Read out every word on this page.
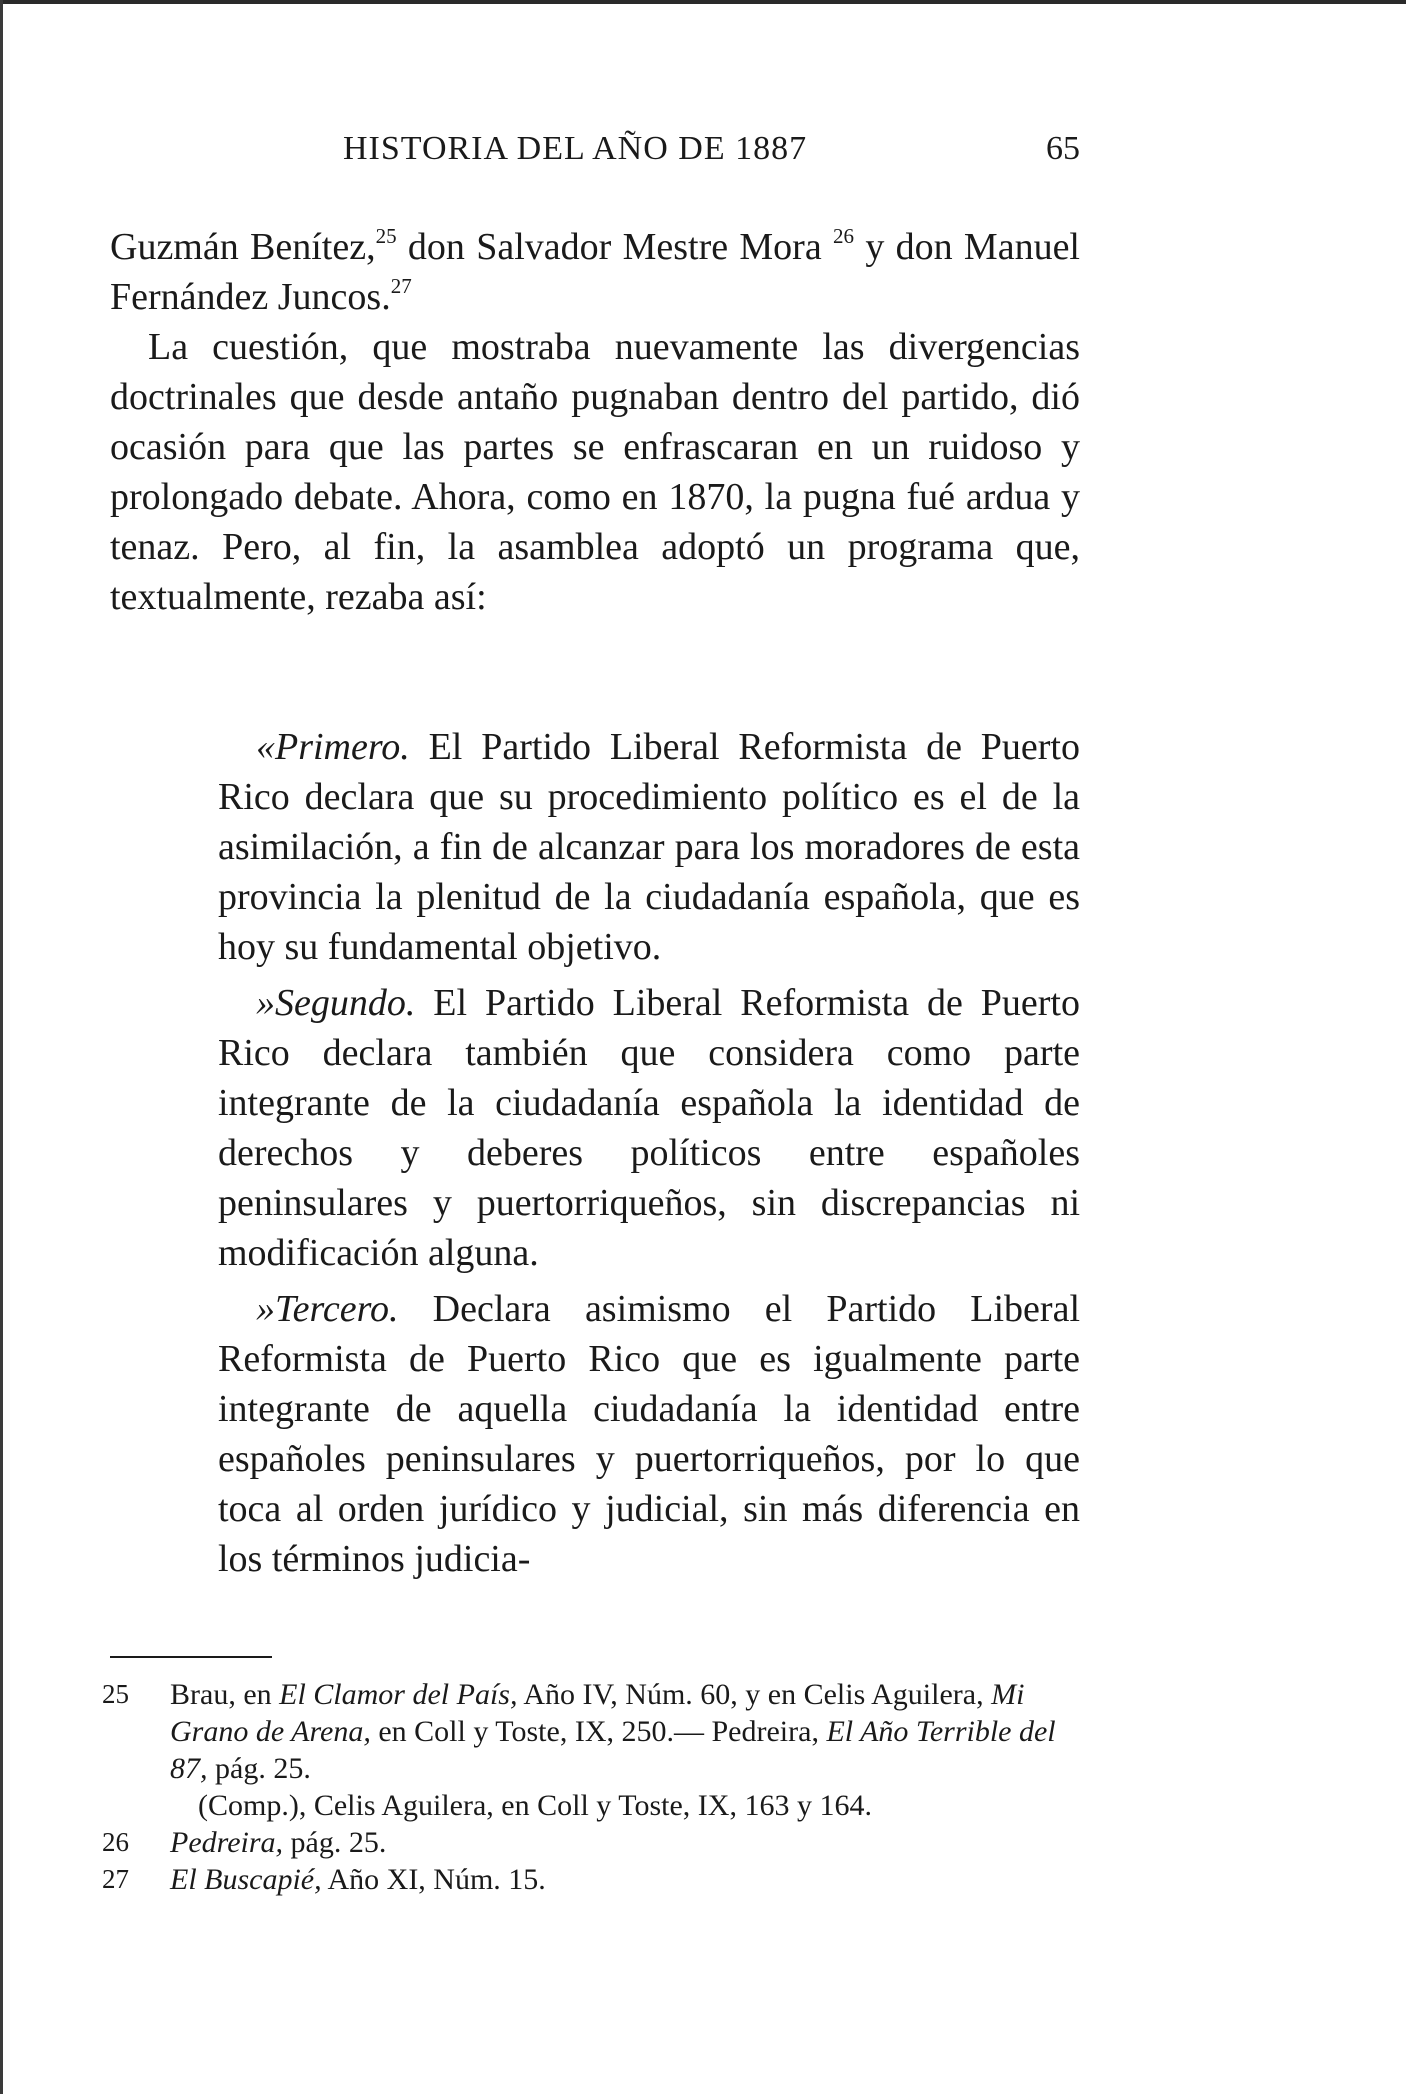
HISTORIA DEL AÑO DE 1887	65

Guzmán Benítez,$^{25}$ don Salvador Mestre Mora $^{26}$ y don Manuel Fernández Juncos.$^{27}$

La cuestión, que mostraba nuevamente las divergencias doctrinales que desde antaño pugnaban dentro del partido, dió ocasión para que las partes se enfrascaran en un ruidoso y prolongado debate. Ahora, como en 1870, la pugna fué ardua y tenaz. Pero, al fin, la asamblea adoptó un programa que, textualmente, rezaba así:

«Primero. El Partido Liberal Reformista de Puerto Rico declara que su procedimiento político es el de la asimilación, a fin de alcanzar para los moradores de esta provincia la plenitud de la ciudadanía española, que es hoy su fundamental objetivo.

»Segundo. El Partido Liberal Reformista de Puerto Rico declara también que considera como parte integrante de la ciudadanía española la identidad de derechos y deberes políticos entre españoles peninsulares y puertorriqueños, sin discrepancias ni modificación alguna.

»Tercero. Declara asimismo el Partido Liberal Reformista de Puerto Rico que es igualmente parte integrante de aquella ciudadanía la identidad entre españoles peninsulares y puertorriqueños, por lo que toca al orden jurídico y judicial, sin más diferencia en los términos judicia-

25 Brau, en El Clamor del País, Año IV, Núm. 60, y en Celis Aguilera, Mi Grano de Arena, en Coll y Toste, IX, 250.— Pedreira, El Año Terrible del 87, pág. 25.

(Comp.), Celis Aguilera, en Coll y Toste, IX, 163 y 164.

26 Pedreira, pág. 25.

27 El Buscapié, Año XI, Núm. 15.
